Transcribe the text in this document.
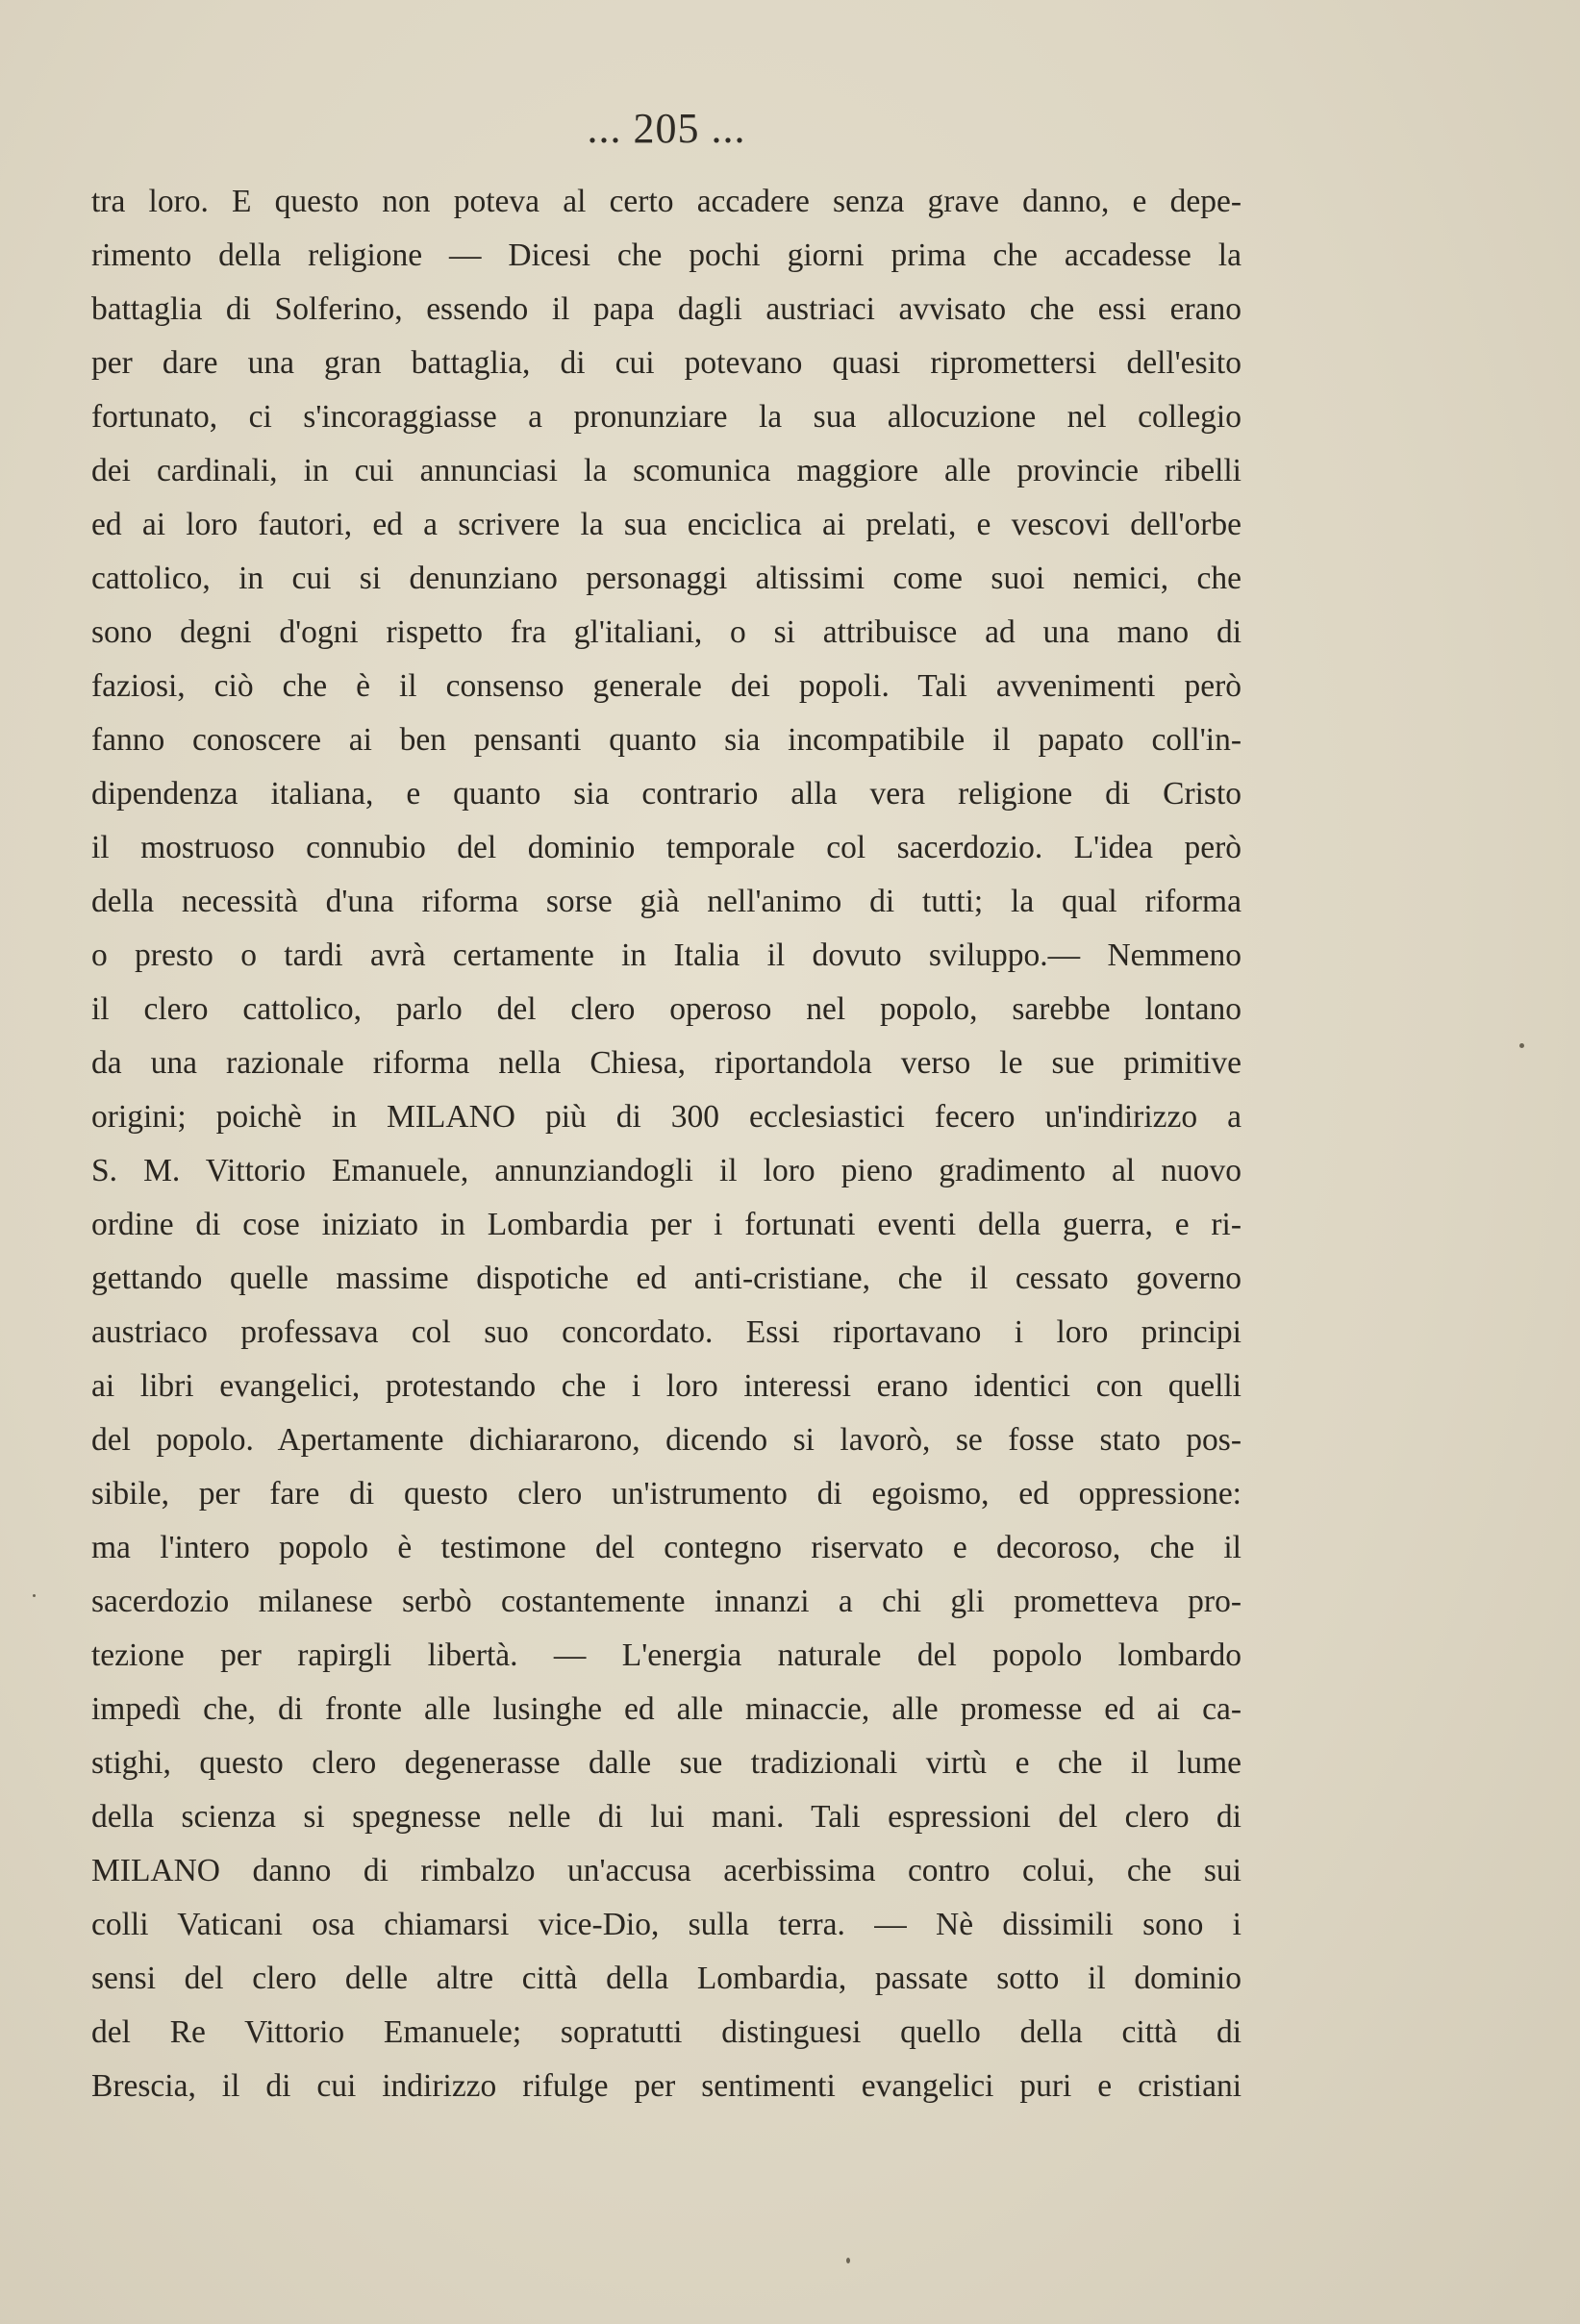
... 205 ...
tra loro. E questo non poteva al certo accadere senza grave danno, e depe-
rimento della religione — Dicesi che pochi giorni prima che accadesse la
battaglia di Solferino, essendo il papa dagli austriaci avvisato che essi erano
per dare una gran battaglia, di cui potevano quasi ripromettersi dell'esito
fortunato, ci s'incoraggiasse a pronunziare la sua allocuzione nel collegio
dei cardinali, in cui annunciasi la scomunica maggiore alle provincie ribelli
ed ai loro fautori, ed a scrivere la sua enciclica ai prelati, e vescovi dell'orbe
cattolico, in cui si denunziano personaggi altissimi come suoi nemici, che
sono degni d'ogni rispetto fra gl'italiani, o si attribuisce ad una mano di
faziosi, ciò che è il consenso generale dei popoli. Tali avvenimenti però
fanno conoscere ai ben pensanti quanto sia incompatibile il papato coll'in-
dipendenza italiana, e quanto sia contrario alla vera religione di Cristo
il mostruoso connubio del dominio temporale col sacerdozio. L'idea però
della necessità d'una riforma sorse già nell'animo di tutti; la qual riforma
o presto o tardi avrà certamente in Italia il dovuto sviluppo.— Nemmeno
il clero cattolico, parlo del clero operoso nel popolo, sarebbe lontano
da una razionale riforma nella Chiesa, riportandola verso le sue primitive
origini; poichè in MILANO più di 300 ecclesiastici fecero un'indirizzo a
S. M. Vittorio Emanuele, annunziandogli il loro pieno gradimento al nuovo
ordine di cose iniziato in Lombardia per i fortunati eventi della guerra, e ri-
gettando quelle massime dispotiche ed anti-cristiane, che il cessato governo
austriaco professava col suo concordato. Essi riportavano i loro principi
ai libri evangelici, protestando che i loro interessi erano identici con quelli
del popolo. Apertamente dichiararono, dicendo si lavorò, se fosse stato pos-
sibile, per fare di questo clero un'istrumento di egoismo, ed oppressione:
ma l'intero popolo è testimone del contegno riservato e decoroso, che il
sacerdozio milanese serbò costantemente innanzi a chi gli prometteva pro-
tezione per rapirgli libertà. — L'energia naturale del popolo lombardo
impedì che, di fronte alle lusinghe ed alle minaccie, alle promesse ed ai ca-
stighi, questo clero degenerasse dalle sue tradizionali virtù e che il lume
della scienza si spegnesse nelle di lui mani. Tali espressioni del clero di
MILANO danno di rimbalzo un'accusa acerbissima contro colui, che sui
colli Vaticani osa chiamarsi vice-Dio, sulla terra. — Nè dissimili sono i
sensi del clero delle altre città della Lombardia, passate sotto il dominio
del Re Vittorio Emanuele; sopratutti distinguesi quello della città di
Brescia, il di cui indirizzo rifulge per sentimenti evangelici puri e cristiani
